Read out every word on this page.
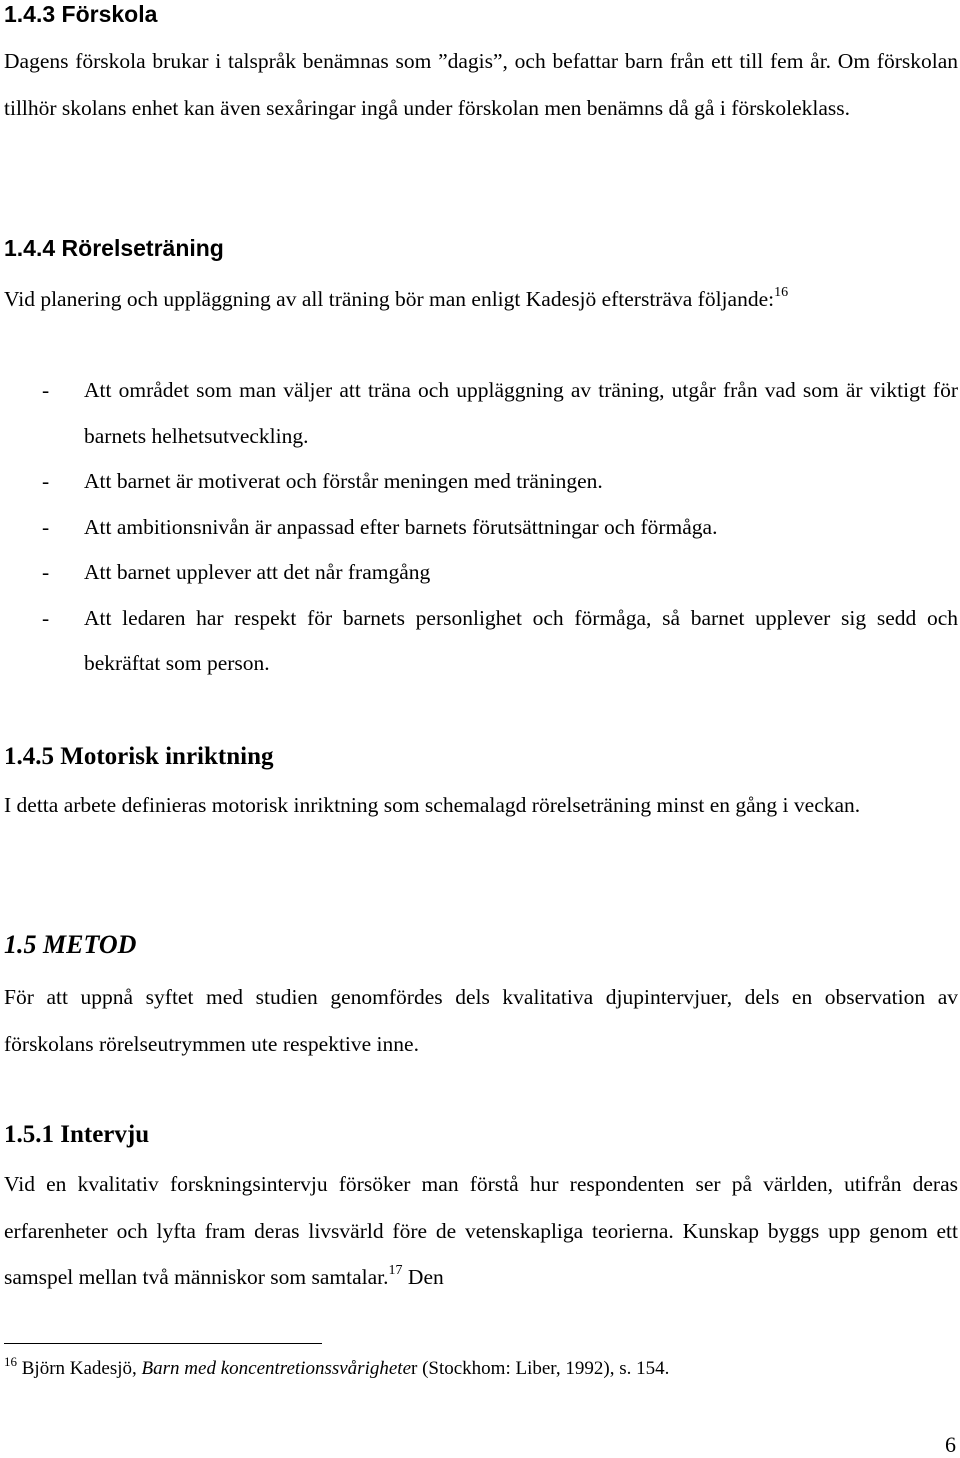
1.4.3 Förskola

Dagens förskola brukar i talspråk benämnas som ”dagis”, och befattar barn från ett till fem år. Om förskolan tillhör skolans enhet kan även sexåringar ingå under förskolan men benämns då gå i förskoleklass.

1.4.4 Rörelseträning

Vid planering och uppläggning av all träning bör man enligt Kadesjö eftersträva följande:$^{16}$

- Att området som man väljer att träna och uppläggning av träning, utgår från vad som är viktigt för barnets helhetsutveckling.
- Att barnet är motiverat och förstår meningen med träningen.
- Att ambitionsnivån är anpassad efter barnets förutsättningar och förmåga.
- Att barnet upplever att det når framgång
- Att ledaren har respekt för barnets personlighet och förmåga, så barnet upplever sig sedd och bekräftat som person.
1.4.5 Motorisk inriktning

I detta arbete definieras motorisk inriktning som schemalagd rörelseträning minst en gång i veckan.

1.5 METOD

För att uppnå syftet med studien genomfördes dels kvalitativa djupintervjuer, dels en observation av förskolans rörelseutrymmen ute respektive inne.

1.5.1 Intervju

Vid en kvalitativ forskningsintervju försöker man förstå hur respondenten ser på världen, utifrån deras erfarenheter och lyfta fram deras livsvärld före de vetenskapliga teorierna. Kunskap byggs upp genom ett samspel mellan två människor som samtalar.$^{17}$ Den

$^{16}$ Björn Kadesjö, Barn med koncentretionssvårigheter (Stockhom: Liber, 1992), s. 154.

6
